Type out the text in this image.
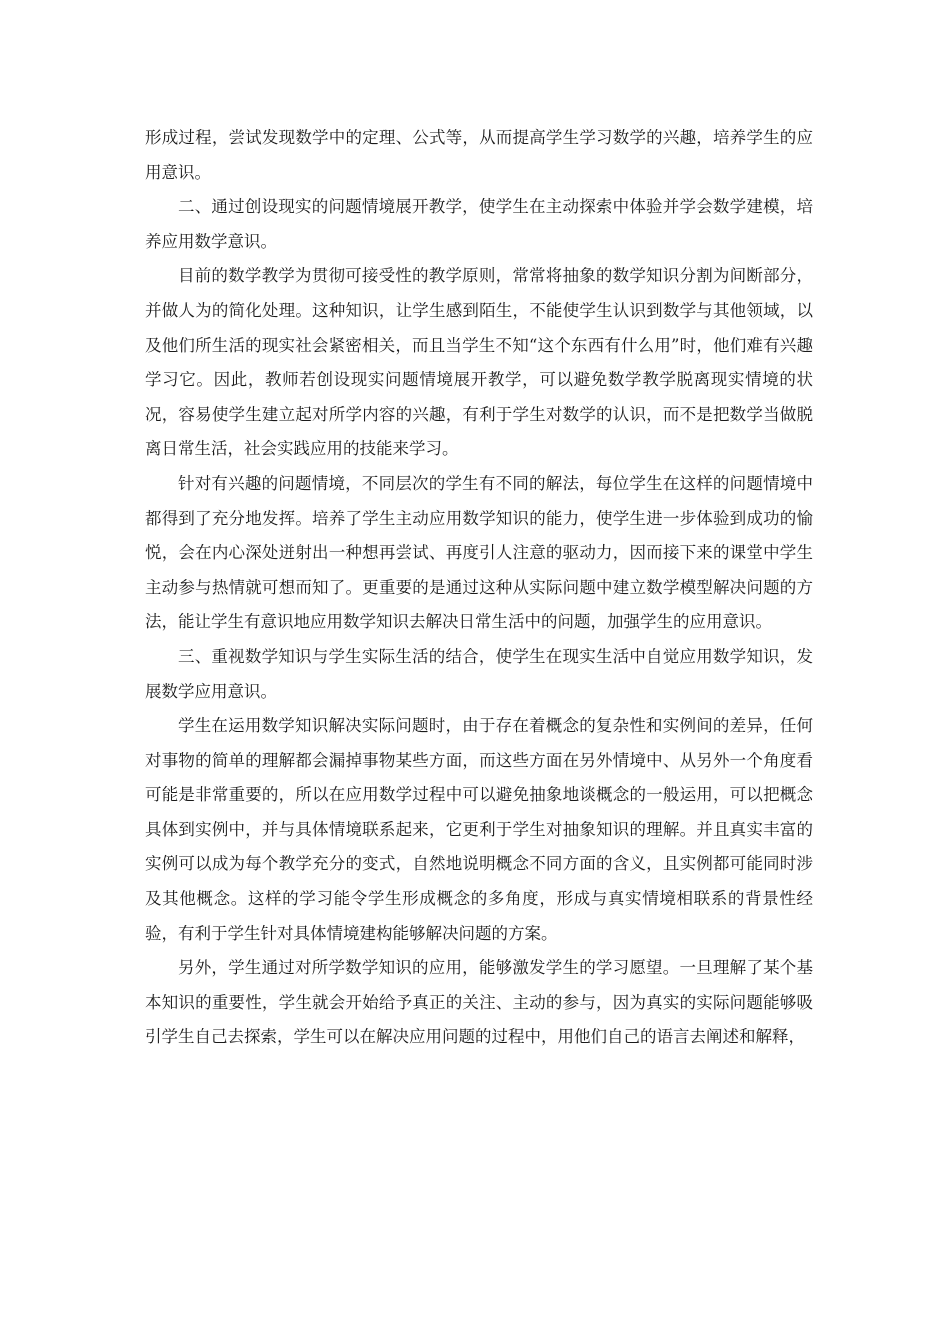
形成过程，尝试发现数学中的定理、公式等，从而提高学生学习数学的兴趣，培养学生的应用意识。

二、通过创设现实的问题情境展开教学，使学生在主动探索中体验并学会数学建模，培养应用数学意识。

目前的数学教学为贯彻可接受性的教学原则，常常将抽象的数学知识分割为间断部分，并做人为的简化处理。这种知识，让学生感到陌生，不能使学生认识到数学与其他领域，以及他们所生活的现实社会紧密相关，而且当学生不知“这个东西有什么用”时，他们难有兴趣学习它。因此，教师若创设现实问题情境展开教学，可以避免数学教学脱离现实情境的状况，容易使学生建立起对所学内容的兴趣，有利于学生对数学的认识，而不是把数学当做脱离日常生活，社会实践应用的技能来学习。

针对有兴趣的问题情境，不同层次的学生有不同的解法，每位学生在这样的问题情境中都得到了充分地发挥。培养了学生主动应用数学知识的能力，使学生进一步体验到成功的愉悦，会在内心深处迸射出一种想再尝试、再度引人注意的驱动力，因而接下来的课堂中学生主动参与热情就可想而知了。更重要的是通过这种从实际问题中建立数学模型解决问题的方法，能让学生有意识地应用数学知识去解决日常生活中的问题，加强学生的应用意识。

三、重视数学知识与学生实际生活的结合，使学生在现实生活中自觉应用数学知识，发展数学应用意识。

学生在运用数学知识解决实际问题时，由于存在着概念的复杂性和实例间的差异，任何对事物的简单的理解都会漏掉事物某些方面，而这些方面在另外情境中、从另外一个角度看可能是非常重要的，所以在应用数学过程中可以避免抽象地谈概念的一般运用，可以把概念具体到实例中，并与具体情境联系起来，它更利于学生对抽象知识的理解。并且真实丰富的实例可以成为每个教学充分的变式，自然地说明概念不同方面的含义，且实例都可能同时涉及其他概念。这样的学习能令学生形成概念的多角度，形成与真实情境相联系的背景性经验，有利于学生针对具体情境建构能够解决问题的方案。

另外，学生通过对所学数学知识的应用，能够激发学生的学习愿望。一旦理解了某个基本知识的重要性，学生就会开始给予真正的关注、主动的参与，因为真实的实际问题能够吸引学生自己去探索，学生可以在解决应用问题的过程中，用他们自己的语言去阐述和解释，
